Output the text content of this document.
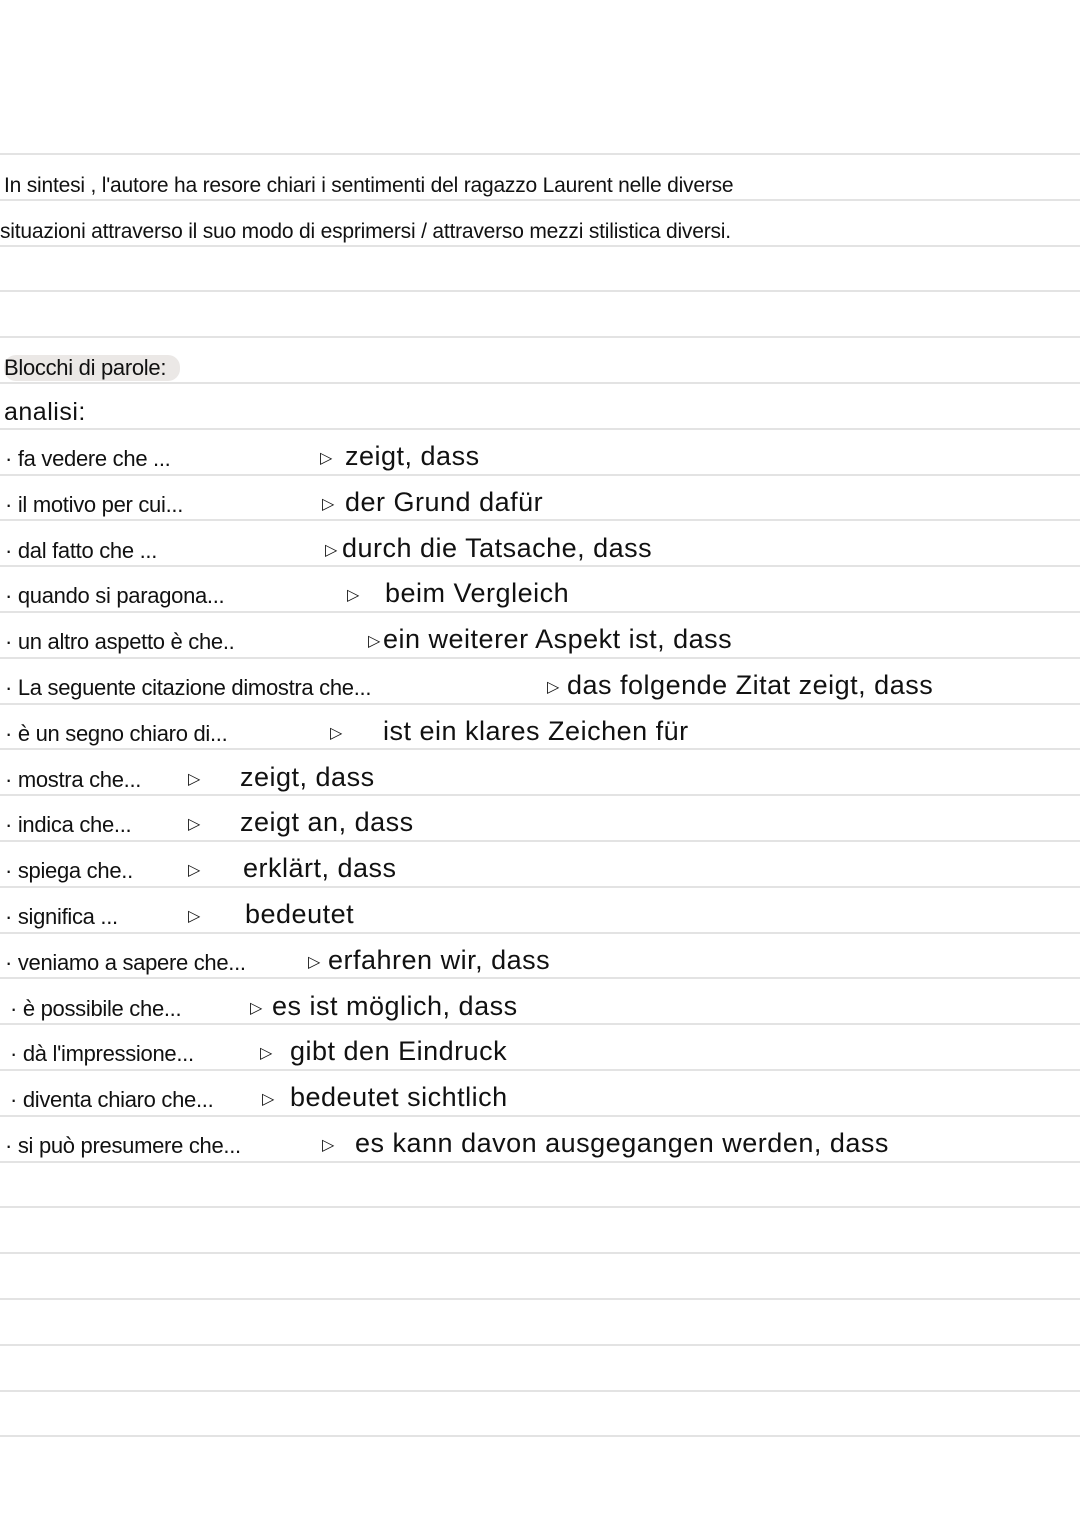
In sintesi , l'autore ha resore chiari i sentimenti del ragazzo Laurent nelle diverse
situazioni attraverso il suo modo di esprimersi / attraverso mezzi stilistica diversi.
Blocchi di parole:
analisi:
· fa vedere che ...	▷ zeigt, dass
· il motivo per cui...	▷ der Grund dafür
· dal fatto che ...	▷ durch die Tatsache, dass
· quando si paragona...	▷ beim Vergleich
· un altro aspetto è che..	▷ ein weiterer Aspekt ist, dass
· La seguente citazione dimostra che...	▷ das folgende Zitat zeigt, dass
· è un segno chiaro di...	▷ ist ein klares Zeichen für
· mostra che...	▷ zeigt, dass
· indica che...	▷ zeigt an, dass
· spiega che..	▷ erklärt, dass
· significa ...	▷ bedeutet
· veniamo a sapere che...	▷ erfahren wir, dass
· è possibile che...	▷ es ist möglich, dass
· dà l'impressione...	▷ gibt den Eindruck
· diventa chiaro che...	▷ bedeutet sichtlich
· si può presumere che...	▷ es kann davon ausgegangen werden, dass
